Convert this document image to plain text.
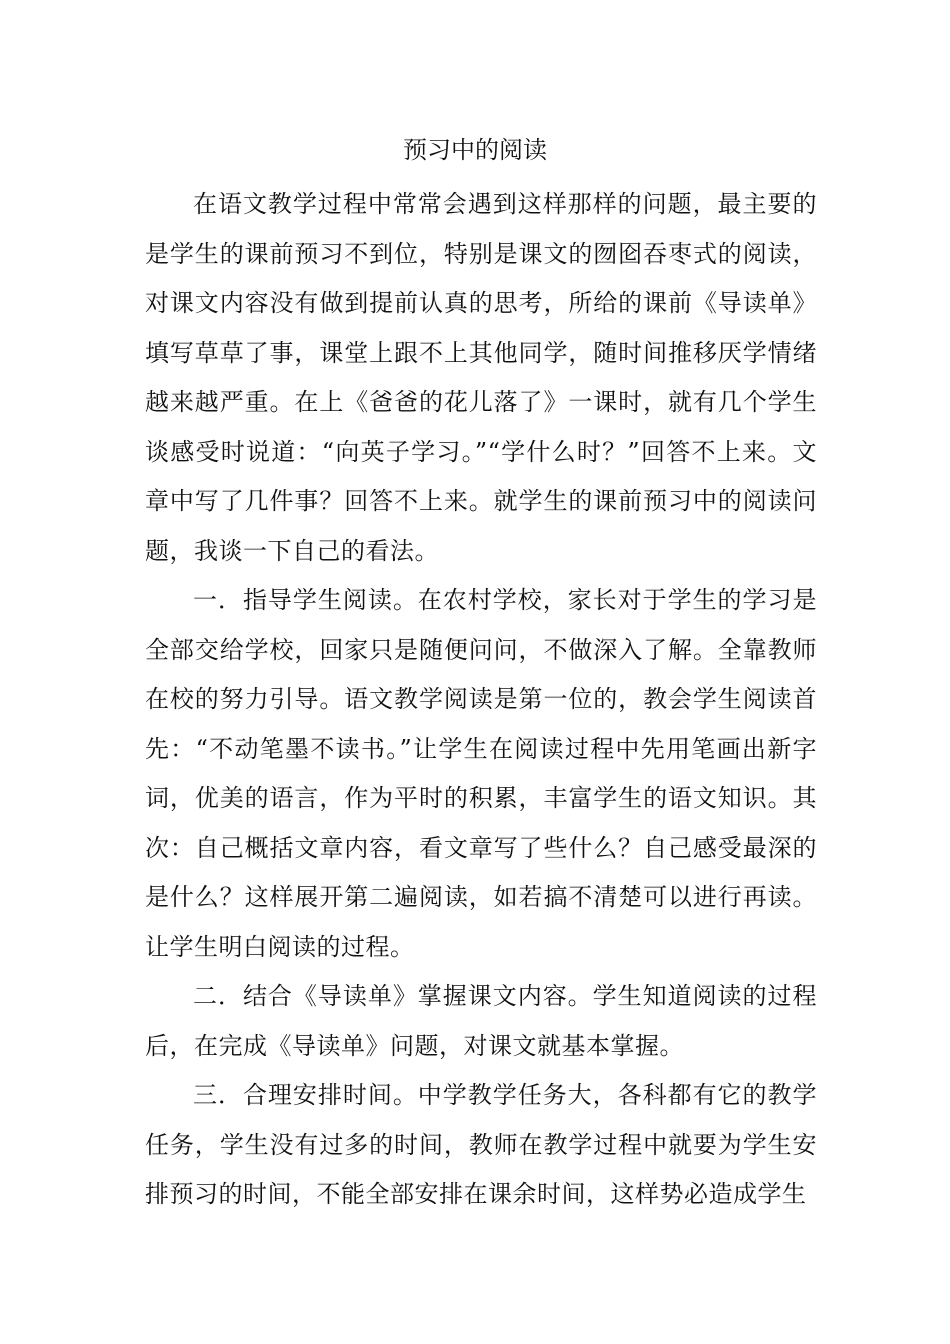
预习中的阅读

在语文教学过程中常常会遇到这样那样的问题，最主要的是学生的课前预习不到位，特别是课文的囫囵吞枣式的阅读，对课文内容没有做到提前认真的思考，所给的课前《导读单》填写草草了事，课堂上跟不上其他同学，随时间推移厌学情绪越来越严重。在上《爸爸的花儿落了》一课时，就有几个学生谈感受时说道：“向英子学习。”“学什么时？”回答不上来。文章中写了几件事？回答不上来。就学生的课前预习中的阅读问题，我谈一下自己的看法。

一．指导学生阅读。在农村学校，家长对于学生的学习是全部交给学校，回家只是随便问问，不做深入了解。全靠教师在校的努力引导。语文教学阅读是第一位的，教会学生阅读首先：“不动笔墨不读书。”让学生在阅读过程中先用笔画出新字词，优美的语言，作为平时的积累，丰富学生的语文知识。其次：自己概括文章内容，看文章写了些什么？自己感受最深的是什么？这样展开第二遍阅读，如若搞不清楚可以进行再读。让学生明白阅读的过程。

二．结合《导读单》掌握课文内容。学生知道阅读的过程后，在完成《导读单》问题，对课文就基本掌握。

三．合理安排时间。中学教学任务大，各科都有它的教学任务，学生没有过多的时间，教师在教学过程中就要为学生安排预习的时间，不能全部安排在课余时间，这样势必造成学生
